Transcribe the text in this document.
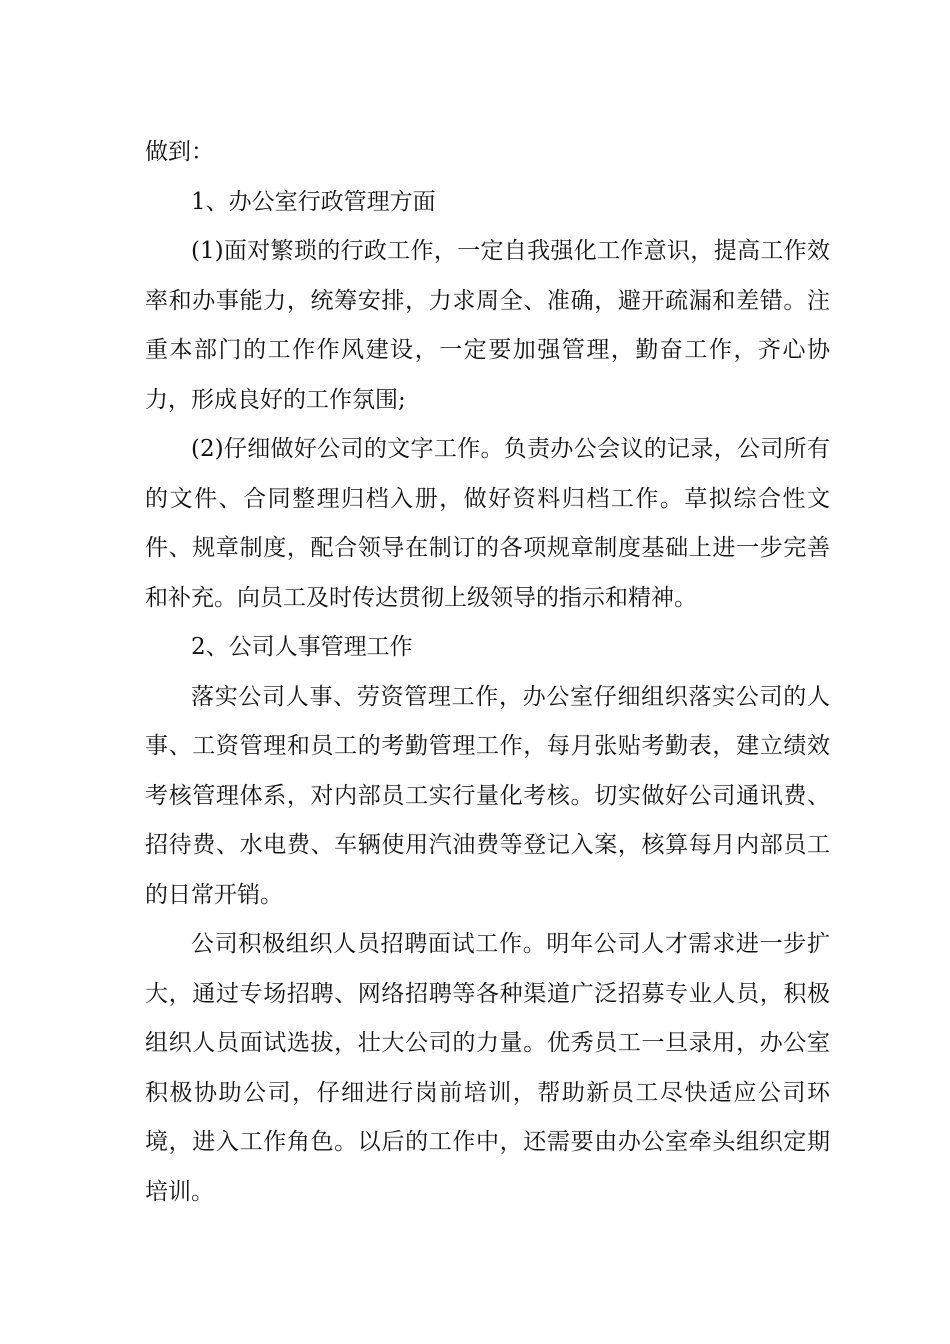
做到：

1、办公室行政管理方面

(1)面对繁琐的行政工作，一定自我强化工作意识，提高工作效率和办事能力，统筹安排，力求周全、准确，避开疏漏和差错。注重本部门的工作作风建设，一定要加强管理，勤奋工作，齐心协力，形成良好的工作氛围;

(2)仔细做好公司的文字工作。负责办公会议的记录，公司所有的文件、合同整理归档入册，做好资料归档工作。草拟综合性文件、规章制度，配合领导在制订的各项规章制度基础上进一步完善和补充。向员工及时传达贯彻上级领导的指示和精神。

2、公司人事管理工作

落实公司人事、劳资管理工作，办公室仔细组织落实公司的人事、工资管理和员工的考勤管理工作，每月张贴考勤表，建立绩效考核管理体系，对内部员工实行量化考核。切实做好公司通讯费、招待费、水电费、车辆使用汽油费等登记入案，核算每月内部员工的日常开销。

公司积极组织人员招聘面试工作。明年公司人才需求进一步扩大，通过专场招聘、网络招聘等各种渠道广泛招募专业人员，积极组织人员面试选拔，壮大公司的力量。优秀员工一旦录用，办公室积极协助公司，仔细进行岗前培训，帮助新员工尽快适应公司环境，进入工作角色。以后的工作中，还需要由办公室牵头组织定期培训。
